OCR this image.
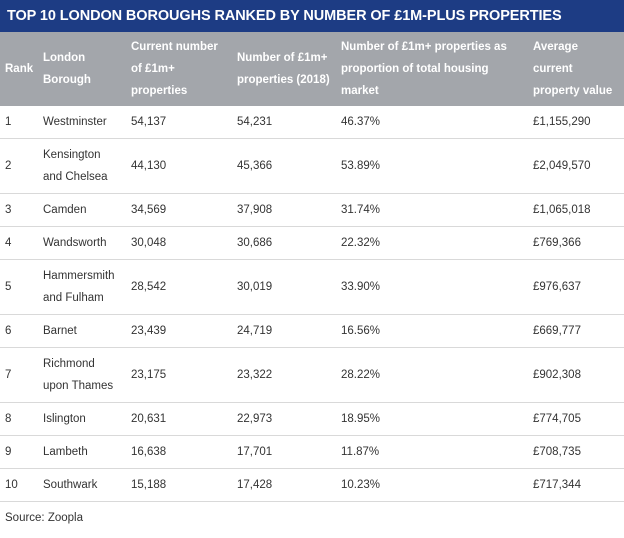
TOP 10 LONDON BOROUGHS RANKED BY NUMBER OF £1M-PLUS PROPERTIES
Rank	London Borough	Current number of £1m+ properties	Number of £1m+ properties (2018)	Number of £1m+ properties as proportion of total housing market	Average current property value
1	Westminster	54,137	54,231	46.37%	£1,155,290
2	Kensington and Chelsea	44,130	45,366	53.89%	£2,049,570
3	Camden	34,569	37,908	31.74%	£1,065,018
4	Wandsworth	30,048	30,686	22.32%	£769,366
5	Hammersmith and Fulham	28,542	30,019	33.90%	£976,637
6	Barnet	23,439	24,719	16.56%	£669,777
7	Richmond upon Thames	23,175	23,322	28.22%	£902,308
8	Islington	20,631	22,973	18.95%	£774,705
9	Lambeth	16,638	17,701	11.87%	£708,735
10	Southwark	15,188	17,428	10.23%	£717,344
Source: Zoopla
